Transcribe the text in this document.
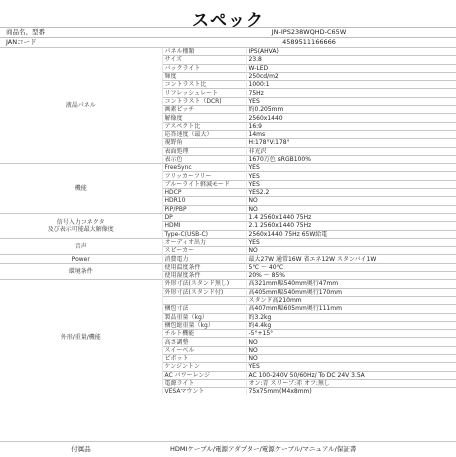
スペック
商品名、型番	JN-IPS238WQHD-C65W
JANコード	4589511166666
液晶パネル	パネル種類	IPS(AHVA)
	サイズ	23.8
	バックライト	W-LED
	輝度	250cd/m2
	コントラスト比	1000:1
	リフレッシュレート	75Hz
	コントラスト（DCR)	YES
	画素ピッチ	約0.205mm
	解像度	2560x1440
	アスペクト比	16:9
	応答速度（最大）	14ms
	視野角	H:178°V:178°
	表面処理	非光沢
	表示色	1670万色 sRGB100%
機能	FreeSync	YES
	フリッカーフリー	YES
	ブルーライト軽減モード	YES
	HDCP	YES2.2
	HDR10	NO
	PiP/PBP	NO
信号入力コネクタ
及び表示可能最大解像度	DP	1.4 2560x1440 75Hz
	HDMI	2.1 2560x1440 75Hz
	Type-C(USB-C)	2560x1440 75Hz 65W給電
音声	オーディオ出力	YES
	スピーカー	NO
Power	消費電力	最大27W 通常16W 省エネ12W スタンバイ1W
環境条件	使用温度条件	5℃ ～ 40℃
	使用湿度条件	20% ～ 85%
外形/重量/機能	外形寸法(スタンド無し)	高321mm幅540mm奥行47mm
	外形寸法(スタンド付)	高405mm幅540mm奥行170mm
		スタンド高210mm
	梱包寸法	高407mm幅605mm奥行111mm
	製品重量（kg）	約3.2kg
	梱包総重量（kg）	約4.4kg
	チルト機能	-5°+15°
	高さ調整	NO
	スイーベル	NO
	ピボット	NO
	ケンジントン	YES
	AC パワーレンジ	AC 100-240V 50/60Hz/ To DC 24V 3.5A
	電源ライト	オン:青 スリープ:赤 オフ:無し
	VESAマウント	75x75mm(M4x8mm)
付属品	HDMIケーブル/電源アダプター/電源ケーブル/マニュアル/保証書
